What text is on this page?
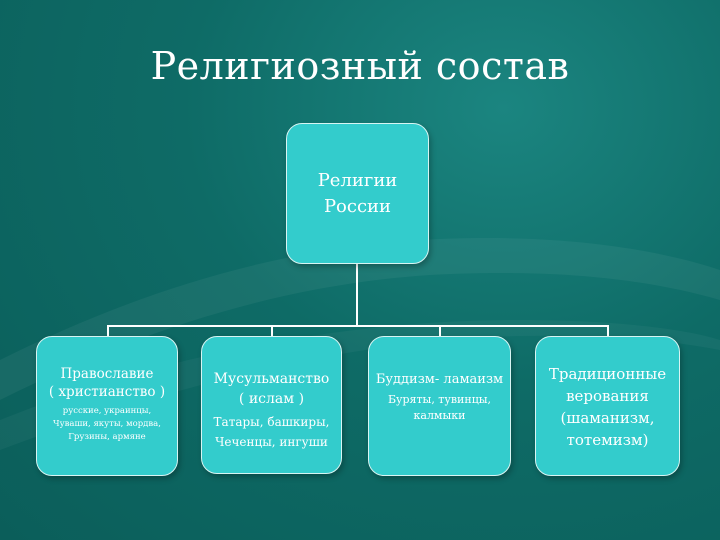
Религиозный состав
Религии
России
Православие
( христианство )
русские, украинцы,
Чуваши, якуты, мордва,
Грузины, армяне
Мусульманство
( ислам )
Татары, башкиры,
Чеченцы, ингуши
Буддизм- ламаизм
Буряты, тувинцы,
калмыки
Традиционные
верования
(шаманизм,
тотемизм)
